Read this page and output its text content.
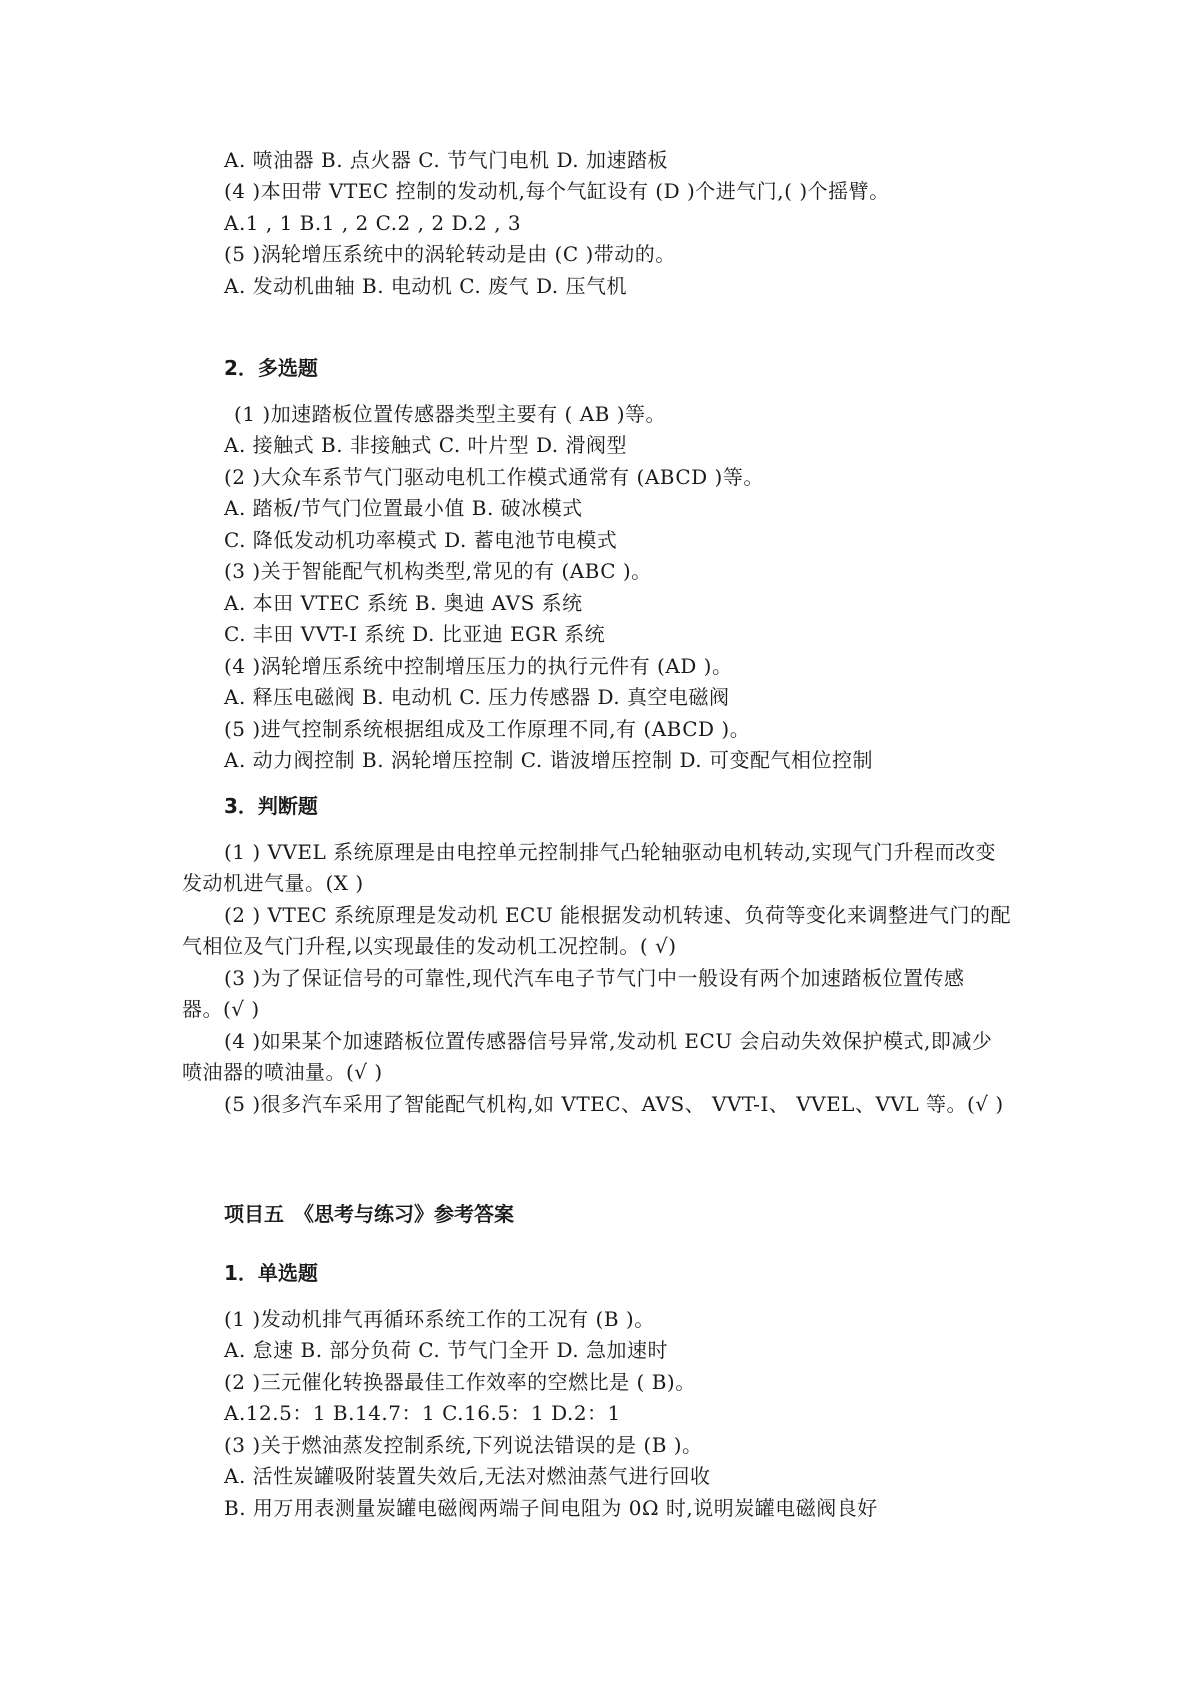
A. 喷油器 B. 点火器 C. 节气门电机 D. 加速踏板
(4 )本田带 VTEC 控制的发动机,每个气缸设有 (D )个进气门,( )个摇臂。
A.1 , 1 B.1 , 2 C.2 , 2 D.2 , 3
(5 )涡轮增压系统中的涡轮转动是由 (C )带动的。
A. 发动机曲轴 B. 电动机 C. 废气 D. 压气机
2．多选题
(1 )加速踏板位置传感器类型主要有 ( AB )等。
A. 接触式 B. 非接触式 C. 叶片型 D. 滑阀型
(2 )大众车系节气门驱动电机工作模式通常有 (ABCD )等。
A. 踏板/节气门位置最小值 B. 破冰模式
C. 降低发动机功率模式 D. 蓄电池节电模式
(3 )关于智能配气机构类型,常见的有 (ABC )。
A. 本田 VTEC 系统 B. 奥迪 AVS 系统
C. 丰田 VVT-I 系统 D. 比亚迪 EGR 系统
(4 )涡轮增压系统中控制增压压力的执行元件有 (AD )。
A. 释压电磁阀 B. 电动机 C. 压力传感器 D. 真空电磁阀
(5 )进气控制系统根据组成及工作原理不同,有 (ABCD )。
A. 动力阀控制 B. 涡轮增压控制 C. 谐波增压控制 D. 可变配气相位控制
3．判断题
(1 ) VVEL 系统原理是由电控单元控制排气凸轮轴驱动电机转动,实现气门升程而改变
发动机进气量。(X )
(2 ) VTEC 系统原理是发动机 ECU 能根据发动机转速、负荷等变化来调整进气门的配
气相位及气门升程,以实现最佳的发动机工况控制。( √)
(3 )为了保证信号的可靠性,现代汽车电子节气门中一般设有两个加速踏板位置传感
器。(√ )
(4 )如果某个加速踏板位置传感器信号异常,发动机 ECU 会启动失效保护模式,即减少
喷油器的喷油量。(√ )
(5 )很多汽车采用了智能配气机构,如 VTEC、AVS、 VVT-I、 VVEL、VVL 等。(√ )
项目五　《思考与练习》参考答案
1．单选题
(1 )发动机排气再循环系统工作的工况有 (B )。
A. 怠速 B. 部分负荷 C. 节气门全开 D. 急加速时
(2 )三元催化转换器最佳工作效率的空燃比是 ( B)。
A.12.5：1 B.14.7：1 C.16.5：1 D.2：1
(3 )关于燃油蒸发控制系统,下列说法错误的是 (B )。
A. 活性炭罐吸附装置失效后,无法对燃油蒸气进行回收
B. 用万用表测量炭罐电磁阀两端子间电阻为 0Ω 时,说明炭罐电磁阀良好
